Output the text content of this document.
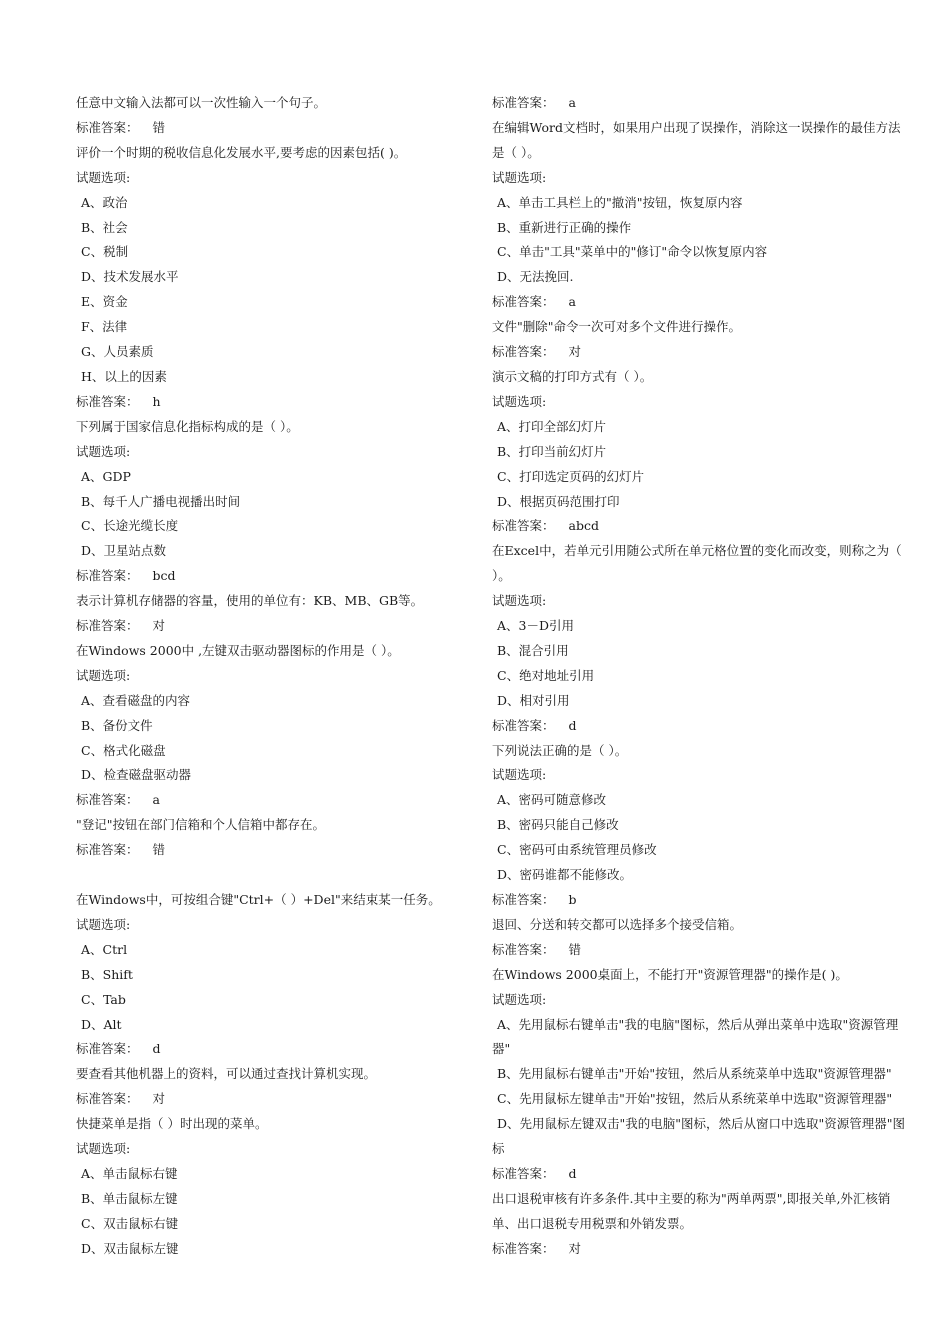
任意中文输入法都可以一次性输入一个句子。
标准答案： 错
评价一个时期的税收信息化发展水平,要考虑的因素包括( )。
试题选项:
A、政治
B、社会
C、税制
D、技术发展水平
E、资金
F、法律
G、人员素质
H、以上的因素
标准答案： h
下列属于国家信息化指标构成的是（ ）。
试题选项:
A、GDP
B、每千人广播电视播出时间
C、长途光缆长度
D、卫星站点数
标准答案： bcd
表示计算机存储器的容量，使用的单位有：KB、MB、GB等。
标准答案： 对
在Windows 2000中 ,左键双击驱动器图标的作用是（ ）。
试题选项:
A、查看磁盘的内容
B、备份文件
C、格式化磁盘
D、检查磁盘驱动器
标准答案： a
"登记"按钮在部门信箱和个人信箱中都存在。
标准答案： 错
在Windows中，可按组合键"Ctrl+（ ）+Del"来结束某一任务。
试题选项:
A、Ctrl
B、Shift
C、Tab
D、Alt
标准答案： d
要查看其他机器上的资料，可以通过查找计算机实现。
标准答案： 对
快捷菜单是指（ ）时出现的菜单。
试题选项:
A、单击鼠标右键
B、单击鼠标左键
C、双击鼠标右键
D、双击鼠标左键
标准答案： a
在编辑Word文档时，如果用户出现了误操作，消除这一误操作的最佳方法
是（ ）。
试题选项:
A、单击工具栏上的"撤消"按钮，恢复原内容
B、重新进行正确的操作
C、单击"工具"菜单中的"修订"命令以恢复原内容
D、无法挽回.
标准答案： a
文件"删除"命令一次可对多个文件进行操作。
标准答案： 对
演示文稿的打印方式有（ ）。
试题选项:
A、打印全部幻灯片
B、打印当前幻灯片
C、打印选定页码的幻灯片
D、根据页码范围打印
标准答案： abcd
在Excel中，若单元引用随公式所在单元格位置的变化而改变，则称之为（
）。
试题选项:
A、3－D引用
B、混合引用
C、绝对地址引用
D、相对引用
标准答案： d
下列说法正确的是（ ）。
试题选项:
A、密码可随意修改
B、密码只能自己修改
C、密码可由系统管理员修改
D、密码谁都不能修改。
标准答案： b
退回、分送和转交都可以选择多个接受信箱。
标准答案： 错
在Windows 2000桌面上，不能打开"资源管理器"的操作是( )。
试题选项:
A、先用鼠标右键单击"我的电脑"图标，然后从弹出菜单中选取"资源管理
器"
B、先用鼠标右键单击"开始"按钮，然后从系统菜单中选取"资源管理器"
C、先用鼠标左键单击"开始"按钮，然后从系统菜单中选取"资源管理器"
D、先用鼠标左键双击"我的电脑"图标，然后从窗口中选取"资源管理器"图
标
标准答案： d
出口退税审核有许多条件.其中主要的称为"两单两票",即报关单,外汇核销
单、出口退税专用税票和外销发票。
标准答案： 对
